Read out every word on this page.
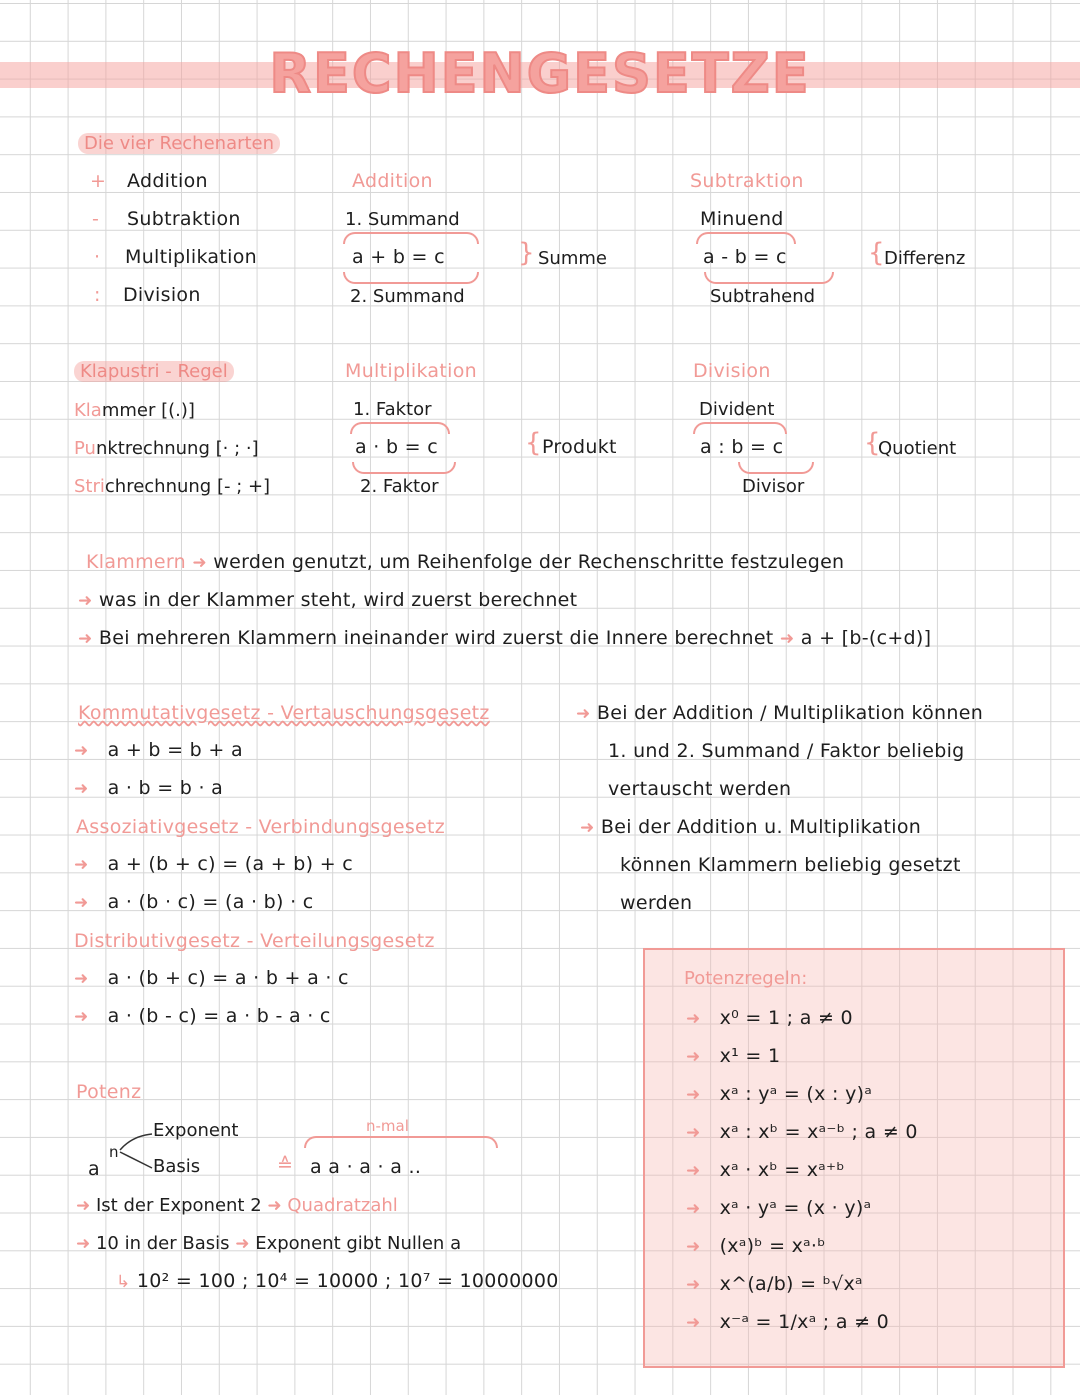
RECHENGESETZE
Die vier Rechenarten
+ Addition
- Subtraktion
· Multiplikation
: Division
Addition
1. Summand
a + b = c	} Summe
2. Summand
Subtraktion
Minuend
a - b = c	{ Differenz
Subtrahend
Klapustri - Regel
Klammer [(.)]
Punktrechnung [· ; ·]
Strichrechnung [- ; +]
Multiplikation
1. Faktor
a · b = c	{ Produkt
2. Faktor
Division
Divident
a : b = c	{
Quotient
Divisor
Klammern ➜ werden genutzt, um Reihenfolge der Rechenschritte festzulegen
➜ was in der Klammer steht, wird zuerst berechnet
➜ Bei mehreren Klammern ineinander wird zuerst die Innere berechnet ➜ a + [b-(c+d)]
Kommutativgesetz - Vertauschungsgesetz
➜ a + b = b + a
➜ a · b = b · a
➜ Bei der Addition / Multiplikation können
1. und 2. Summand / Faktor beliebig
vertauscht werden
Assoziativgesetz - Verbindungsgesetz
➜ a + (b + c) = (a + b) + c
➜ a · (b · c) = (a · b) · c
➜ Bei der Addition u. Multiplikation
können Klammern beliebig gesetzt
werden
Distributivgesetz - Verteilungsgesetz
➜ a · (b + c) = a · b + a · c
➜ a · (b - c) = a · b - a · c
Potenz
a
n
Exponent
Basis	≙
n-mal
a a · a · a ..
➜ Ist der Exponent 2 ➜ Quadratzahl
➜ 10 in der Basis ➜ Exponent gibt Nullen a
↳ 10² = 100 ; 10⁴ = 10000 ; 10⁷ = 10000000
Potenzregeln:
➜ x⁰ = 1 ; a ≠ 0
➜ x¹ = 1
➜ xᵃ : yᵃ = (x : y)ᵃ
➜ xᵃ : xᵇ = xᵃ⁻ᵇ ; a ≠ 0
➜ xᵃ · xᵇ = xᵃ⁺ᵇ
➜ xᵃ · yᵃ = (x · y)ᵃ
➜ (xᵃ)ᵇ = xᵃ·ᵇ
➜ x^(a/b) = ᵇ√xᵃ
➜ x⁻ᵃ = 1/xᵃ ; a ≠ 0
